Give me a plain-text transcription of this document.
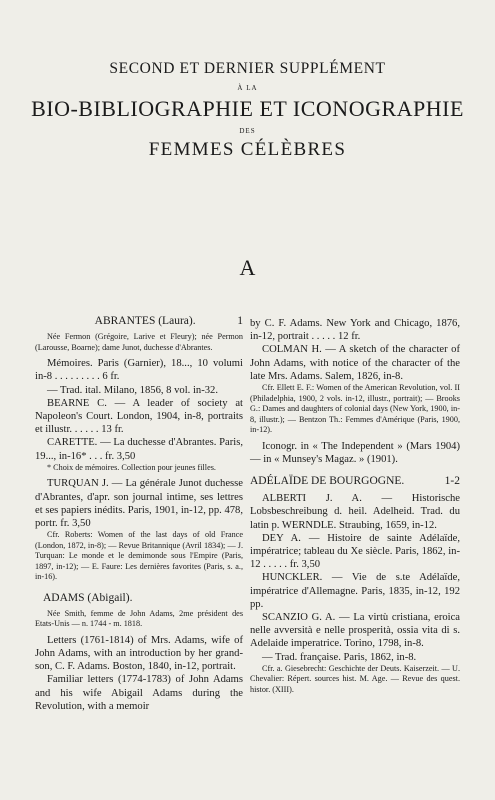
SECOND ET DERNIER SUPPLÉMENT
À LA
BIO-BIBLIOGRAPHIE ET ICONOGRAPHIE
DES
FEMMES CÉLÈBRES
A
ABRANTES (Laura).	1

Née Fermon (Grégoire, Larive et Fleury); née Permon (Larousse, Boarne); dame Junot, duchesse d'Abrantes.

Mémoires. Paris (Garnier), 18..., 10 volumi in-8 . . . . . . . . . 6 fr.

— Trad. ital. Milano, 1856, 8 vol. in-32.

BEARNE C. — A leader of society at Napoleon's Court. London, 1904, in-8, portraits et illustr. . . . . . 13 fr.

CARETTE. — La duchesse d'Abrantes. Paris, 19..., in-16* . . . fr. 3,50

* Choix de mémoires. Collection pour jeunes filles.

TURQUAN J. — La générale Junot duchesse d'Abrantes, d'apr. son journal intime, ses lettres et ses papiers inédits. Paris, 1901, in-12, pp. 478, portr. fr. 3,50

Cfr. Roberts: Women of the last days of old France (London, 1872, in-8); — Revue Britannique (Avril 1834); — J. Turquan: Le monde et le demimonde sous l'Empire (Paris, 1897, in-12); — E. Faure: Les dernières favorites (Paris, s. a., in-16).

ADAMS (Abigail).

Née Smith, femme de John Adams, 2me président des Etats-Unis — n. 1744 - m. 1818.

Letters (1761-1814) of Mrs. Adams, wife of John Adams, with an introduction by her grand-son, C. F. Adams. Boston, 1840, in-12, portrait.

Familiar letters (1774-1783) of John Adams and his wife Abigail Adams during the Revolution, with a memoir

by C. F. Adams. New York and Chicago, 1876, in-12, portrait . . . . . 12 fr.

COLMAN H. — A sketch of the character of John Adams, with notice of the character of the late Mrs. Adams. Salem, 1826, in-8.

Cfr. Ellett E. F.: Women of the American Revolution, vol. II (Philadelphia, 1900, 2 vols. in-12, illustr., portrait); — Brooks G.: Dames and daughters of colonial days (New York, 1900, in-8, illustr.); — Bentzon Th.: Femmes d'Amérique (Paris, 1900, in-12).

Iconogr. in « The Independent » (Mars 1904) — in « Munsey's Magaz. » (1901).

ADÉLAÏDE DE BOURGOGNE.	1-2

ALBERTI J. A. — Historische Lobsbeschreibung d. heil. Adelheid. Trad. du latin p. WERNDLE. Straubing, 1659, in-12.

DEY A. — Histoire de sainte Adélaïde, impératrice; tableau du Xe siècle. Paris, 1862, in-12 . . . . . fr. 3,50

HUNCKLER. — Vie de s.te Adélaïde, impératrice d'Allemagne. Paris, 1835, in-12, 192 pp.

SCANZIO G. A. — La virtù cristiana, eroica nelle avversità e nelle prosperità, ossia vita di s. Adelaide imperatrice. Torino, 1798, in-8.

— Trad. française. Paris, 1862, in-8.

Cfr. a. Giesebrecht: Geschichte der Deuts. Kaiserzeit. — U. Chevalier: Répert. sources hist. M. Age. — Revue des quest. histor. (XIII).
